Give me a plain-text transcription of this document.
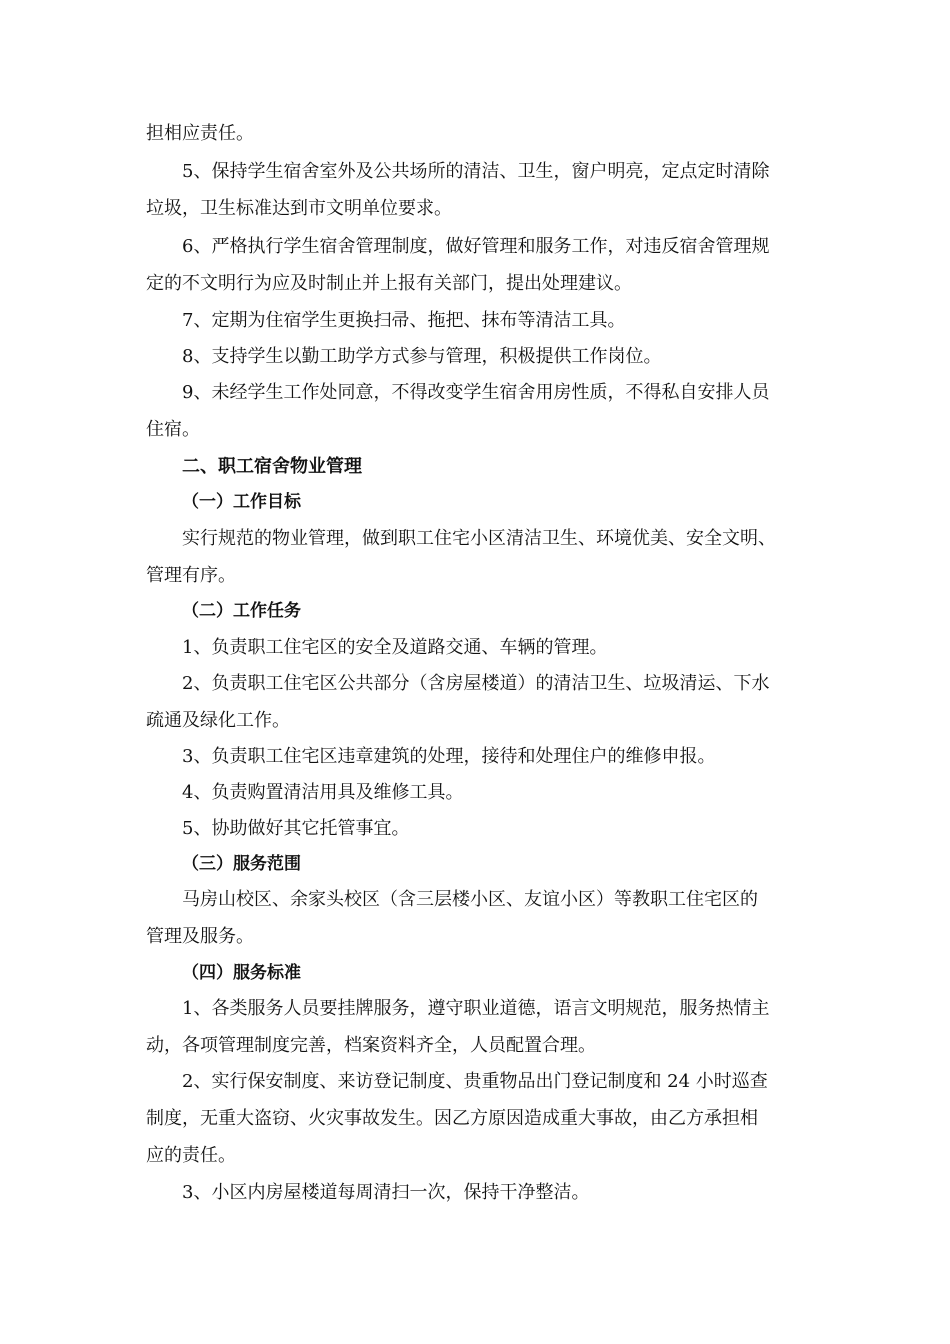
担相应责任。
5、保持学生宿舍室外及公共场所的清洁、卫生，窗户明亮，定点定时清除
垃圾，卫生标准达到市文明单位要求。
6、严格执行学生宿舍管理制度，做好管理和服务工作，对违反宿舍管理规
定的不文明行为应及时制止并上报有关部门，提出处理建议。
7、定期为住宿学生更换扫帚、拖把、抹布等清洁工具。
8、支持学生以勤工助学方式参与管理，积极提供工作岗位。
9、未经学生工作处同意，不得改变学生宿舍用房性质，不得私自安排人员
住宿。
二、职工宿舍物业管理
（一）工作目标
实行规范的物业管理，做到职工住宅小区清洁卫生、环境优美、安全文明、
管理有序。
（二）工作任务
1、负责职工住宅区的安全及道路交通、车辆的管理。
2、负责职工住宅区公共部分（含房屋楼道）的清洁卫生、垃圾清运、下水
疏通及绿化工作。
3、负责职工住宅区违章建筑的处理，接待和处理住户的维修申报。
4、负责购置清洁用具及维修工具。
5、协助做好其它托管事宜。
（三）服务范围
马房山校区、余家头校区（含三层楼小区、友谊小区）等教职工住宅区的
管理及服务。
（四）服务标准
1、各类服务人员要挂牌服务，遵守职业道德，语言文明规范，服务热情主
动，各项管理制度完善，档案资料齐全，人员配置合理。
2、实行保安制度、来访登记制度、贵重物品出门登记制度和 24 小时巡查
制度，无重大盗窃、火灾事故发生。因乙方原因造成重大事故，由乙方承担相
应的责任。
3、小区内房屋楼道每周清扫一次，保持干净整洁。
